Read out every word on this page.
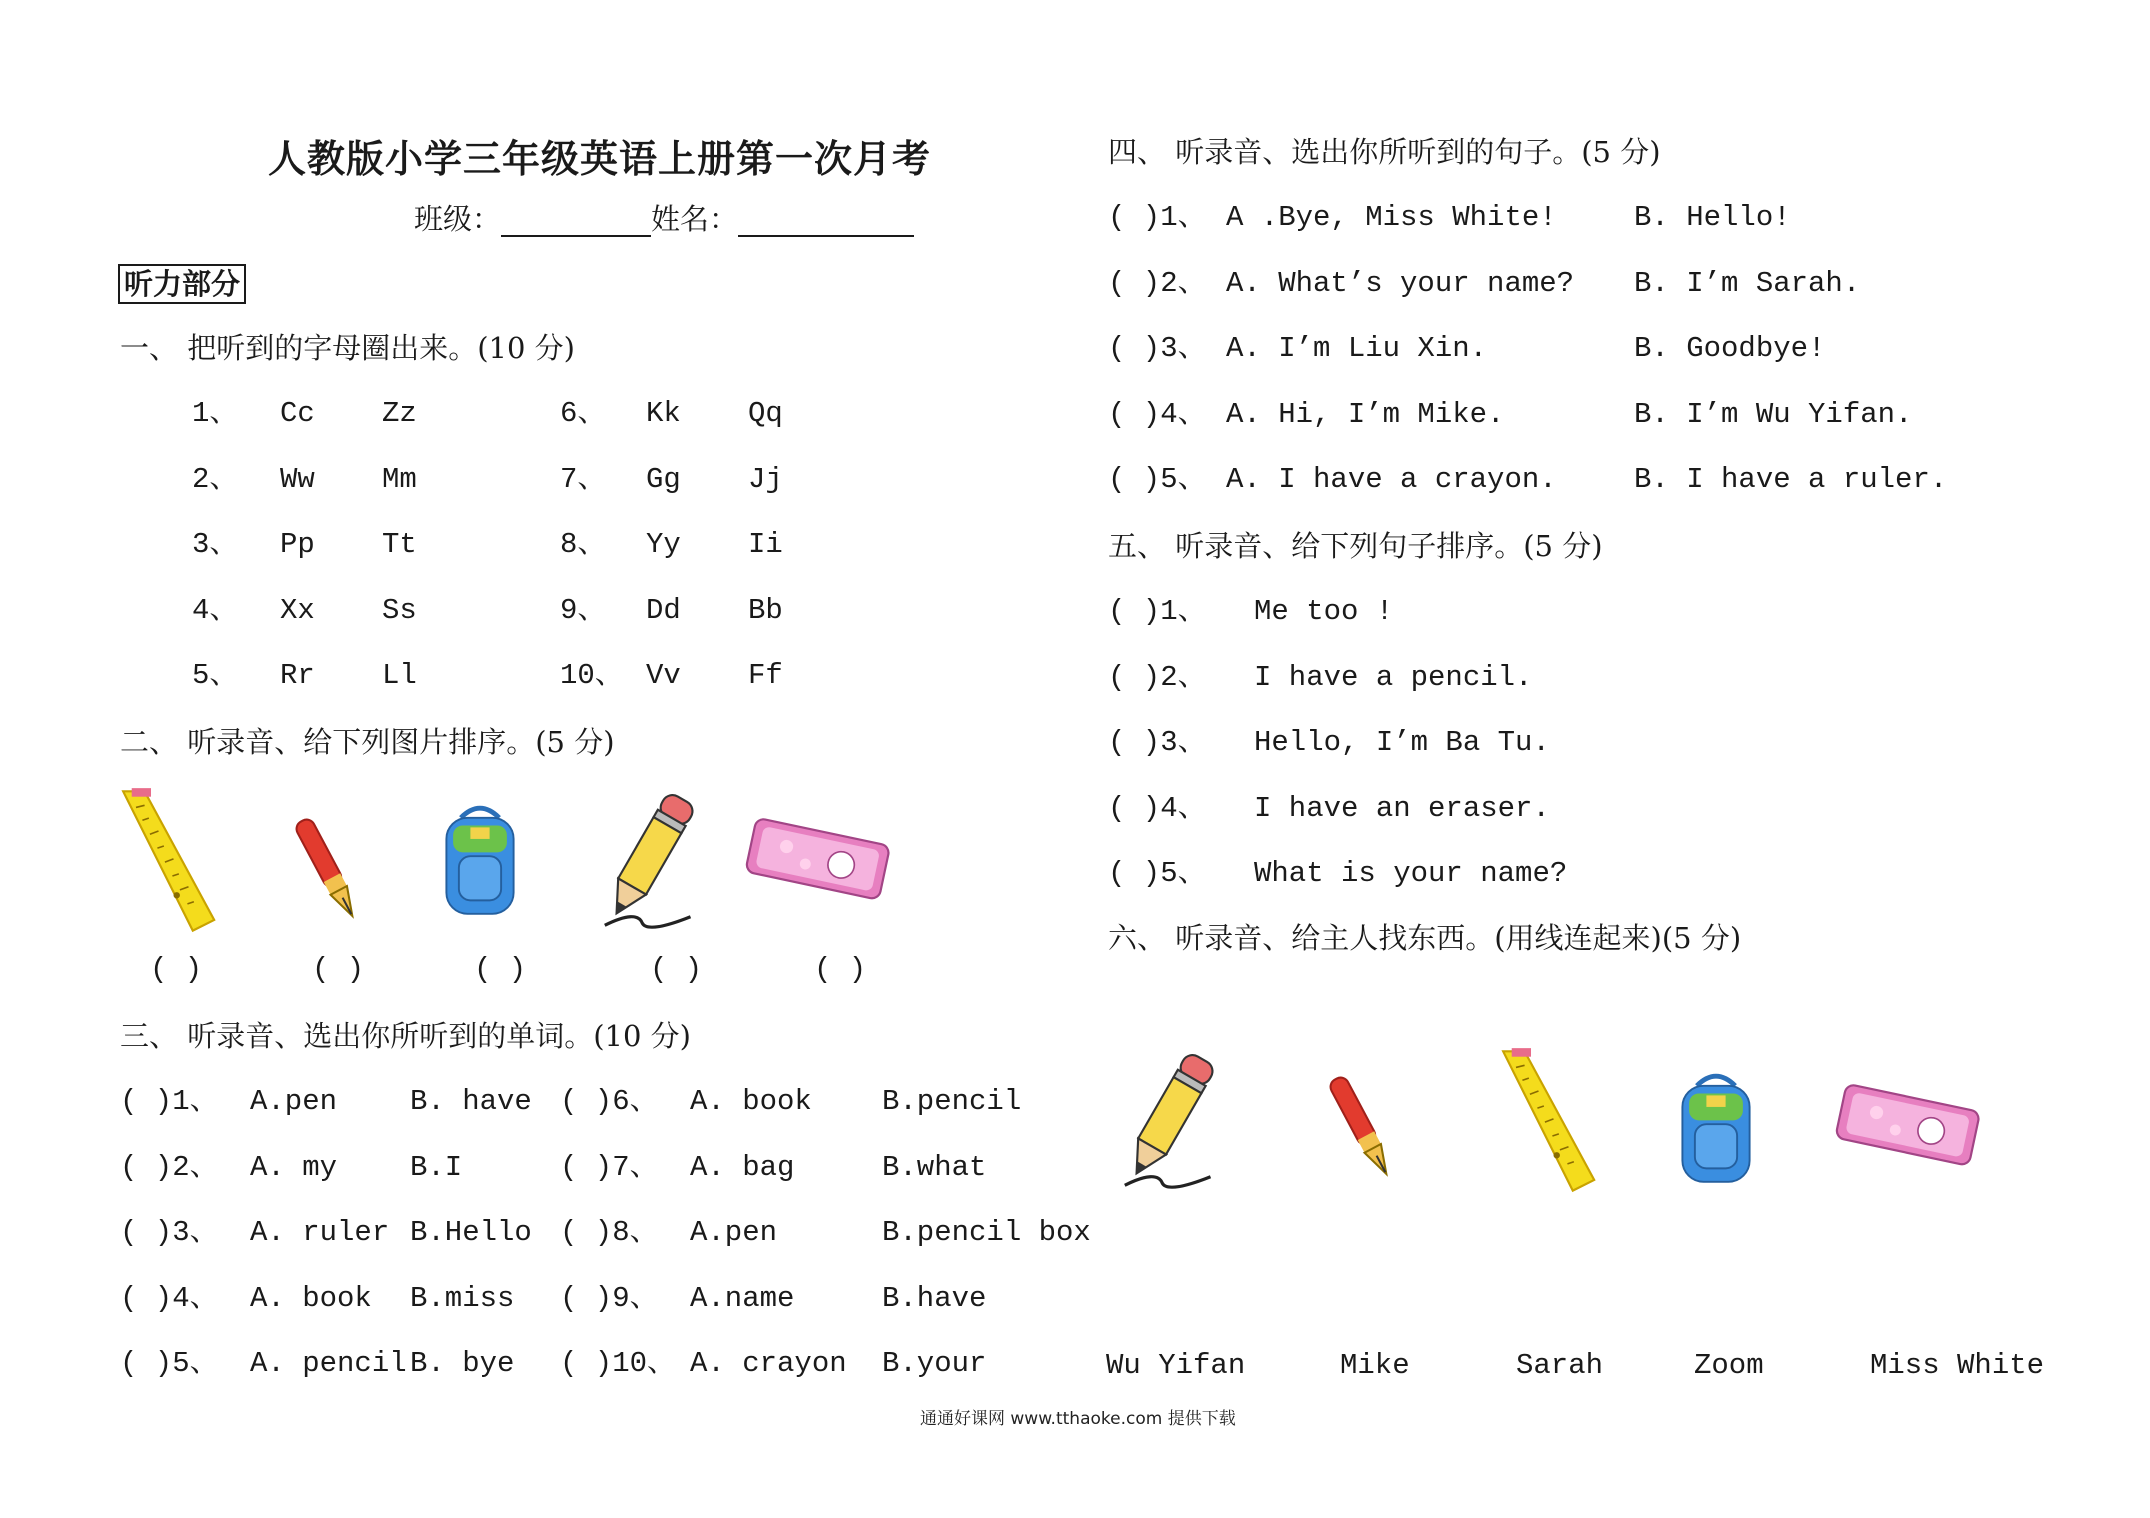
人教版小学三年级英语上册第一次月考
班级：	姓名：
听力部分
一、 把听到的字母圈出来。(10 分)
1、 Cc Zz
2、 Ww Mm
3、 Pp Tt
4、 Xx Ss
5、 Rr Ll
6、 Kk Qq
7、 Gg Jj
8、 Yy Ii
9、 Dd Bb
10、 Vv Ff
二、 听录音、给下列图片排序。(5 分)
( )	( )	( )	( )	( )
三、 听录音、选出你所听到的单词。(10 分)
( )1、 A.pen	B. have
( )2、 A. my	B.I
( )3、 A. ruler B.Hello
( )4、 A. book B.miss
( )5、 A. pencil B. bye
( )6、 A. book B.pencil
( )7、 A. bag	B.what
( )8、 A.pen	B.pencil box
( )9、 A.name	B.have
( )10、 A. crayon B.your
四、 听录音、选出你所听到的句子。(5 分)
( )1、 A .Bye, Miss White!	B. Hello!
( )2、 A. What’s your name? B. I’m Sarah.
( )3、 A. I’m Liu Xin.	B. Goodbye!
( )4、 A. Hi, I’m Mike.	B. I’m Wu Yifan.
( )5、 A. I have a crayon.	B. I have a ruler.
五、 听录音、给下列句子排序。(5 分)
( )1、 Me too !
( )2、 I have a pencil.
( )3、 Hello, I’m Ba Tu.
( )4、 I have an eraser.
( )5、 What is your name?
六、 听录音、给主人找东西。(用线连起来)(5 分)
Wu Yifan	Mike	Sarah	Zoom	Miss White
通通好课网 www.tthaoke.com 提供下载
